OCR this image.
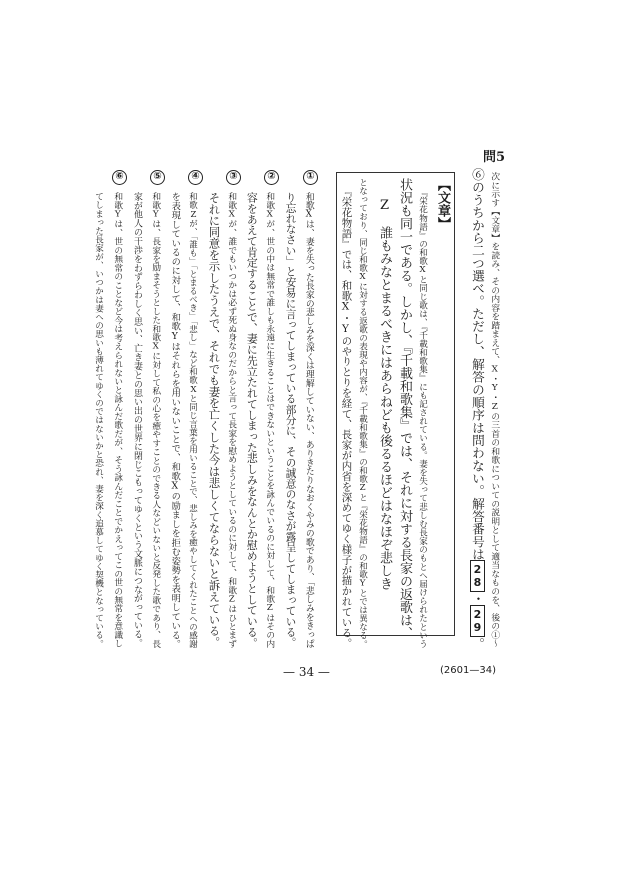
問5
次に示す【文章】を読み、その内容を踏まえて、X・Y・Zの三首の和歌についての説明として適当なものを、後の①～
⑥のうちから二つ選べ。ただし、解答の順序は問わない。解答番号は28・29。
【文章】
『栄花物語』の和歌Xと同じ歌は、『千載和歌集』にも記されている。妻を失って悲しむ長家のもとへ届けられたという
状況も同一である。しかし、『千載和歌集』では、それに対する長家の返歌は、
Z　誰もみなとまるべきにはあらねども後るるほどはなほぞ悲しき
となっており、同じ和歌Xに対する返歌の表現や内容が、『千載和歌集』の和歌Zと『栄花物語』の和歌Yとでは異なる。
『栄花物語』では、和歌X・Yのやりとりを経て、長家が内省を深めてゆく様子が描かれている。
①
和歌Xは、妻を失った長家の悲しみを深くは理解していない、ありきたりなおくやみの歌であり、「悲しみをきっぱ
り忘れなさい」と安易に言ってしまっている部分に、その誠意のなさが露呈してしまっている。
②
和歌Xが、世の中は無常で誰しも永遠に生きることはできないということを詠んでいるのに対して、和歌Zはその内
容をあえて肯定することで、妻に先立たれてしまった悲しみをなんとか慰めようとしている。
③
和歌Xが、誰でもいつかは必ず死ぬ身なのだからと言って長家を慰めようとしているのに対して、和歌Zはひとまず
それに同意を示したうえで、それでも妻を亡くした今は悲しくてならないと訴えている。
④
和歌Zが、「誰も」「とまるべき」「悲し」など和歌Xと同じ言葉を用いることで、悲しみを癒やしてくれたことへの感謝
を表現しているのに対して、和歌Yはそれらを用いないことで、和歌Xの励ましを拒む姿勢を表明している。
⑤
和歌Yは、長家を励まそうとした和歌Xに対して私の心を癒やすことのできる人などいないと反発した歌であり、長
家が他人の干渉をわずらわしく思い、亡き妻との思い出の世界に閉じこもってゆくという文脈につながっている。
⑥
和歌Yは、世の無常のことなど今は考えられないと詠んだ歌だが、そう詠んだことでかえってこの世の無常を意識し
てしまった長家が、いつかは妻への思いも薄れてゆくのではないかと恐れ、妻を深く追慕してゆく契機となっている。
— 34 —	(2601—34)
